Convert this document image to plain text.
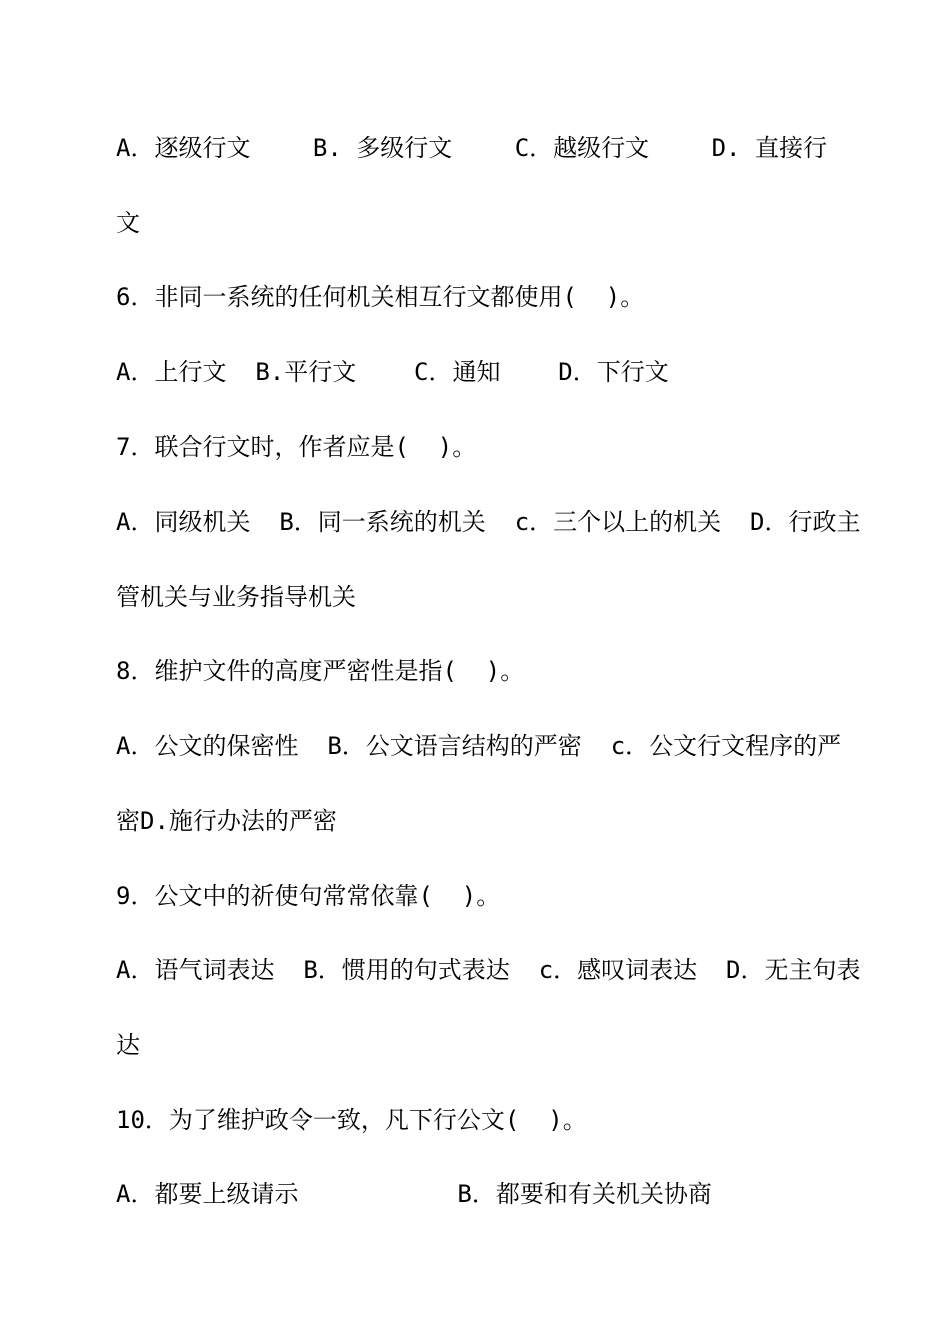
A．逐级行文　　 B. 多级行文　　 C．越级行文　　 D. 直接行
文
6．非同一系统的任何机关相互行文都使用(  )。
A．上行文  B.平行文    C．通知    D．下行文
7．联合行文时，作者应是(  )。
A．同级机关  B．同一系统的机关  c．三个以上的机关  D．行政主
管机关与业务指导机关
8．维护文件的高度严密性是指(  )。
A．公文的保密性  B．公文语言结构的严密  c．公文行文程序的严
密D.施行办法的严密
9．公文中的祈使句常常依靠(  )。
A．语气词表达  B．惯用的句式表达  c．感叹词表达  D．无主句表
达
10．为了维护政令一致，凡下行公文(  )。
A．都要上级请示           B．都要和有关机关协商
